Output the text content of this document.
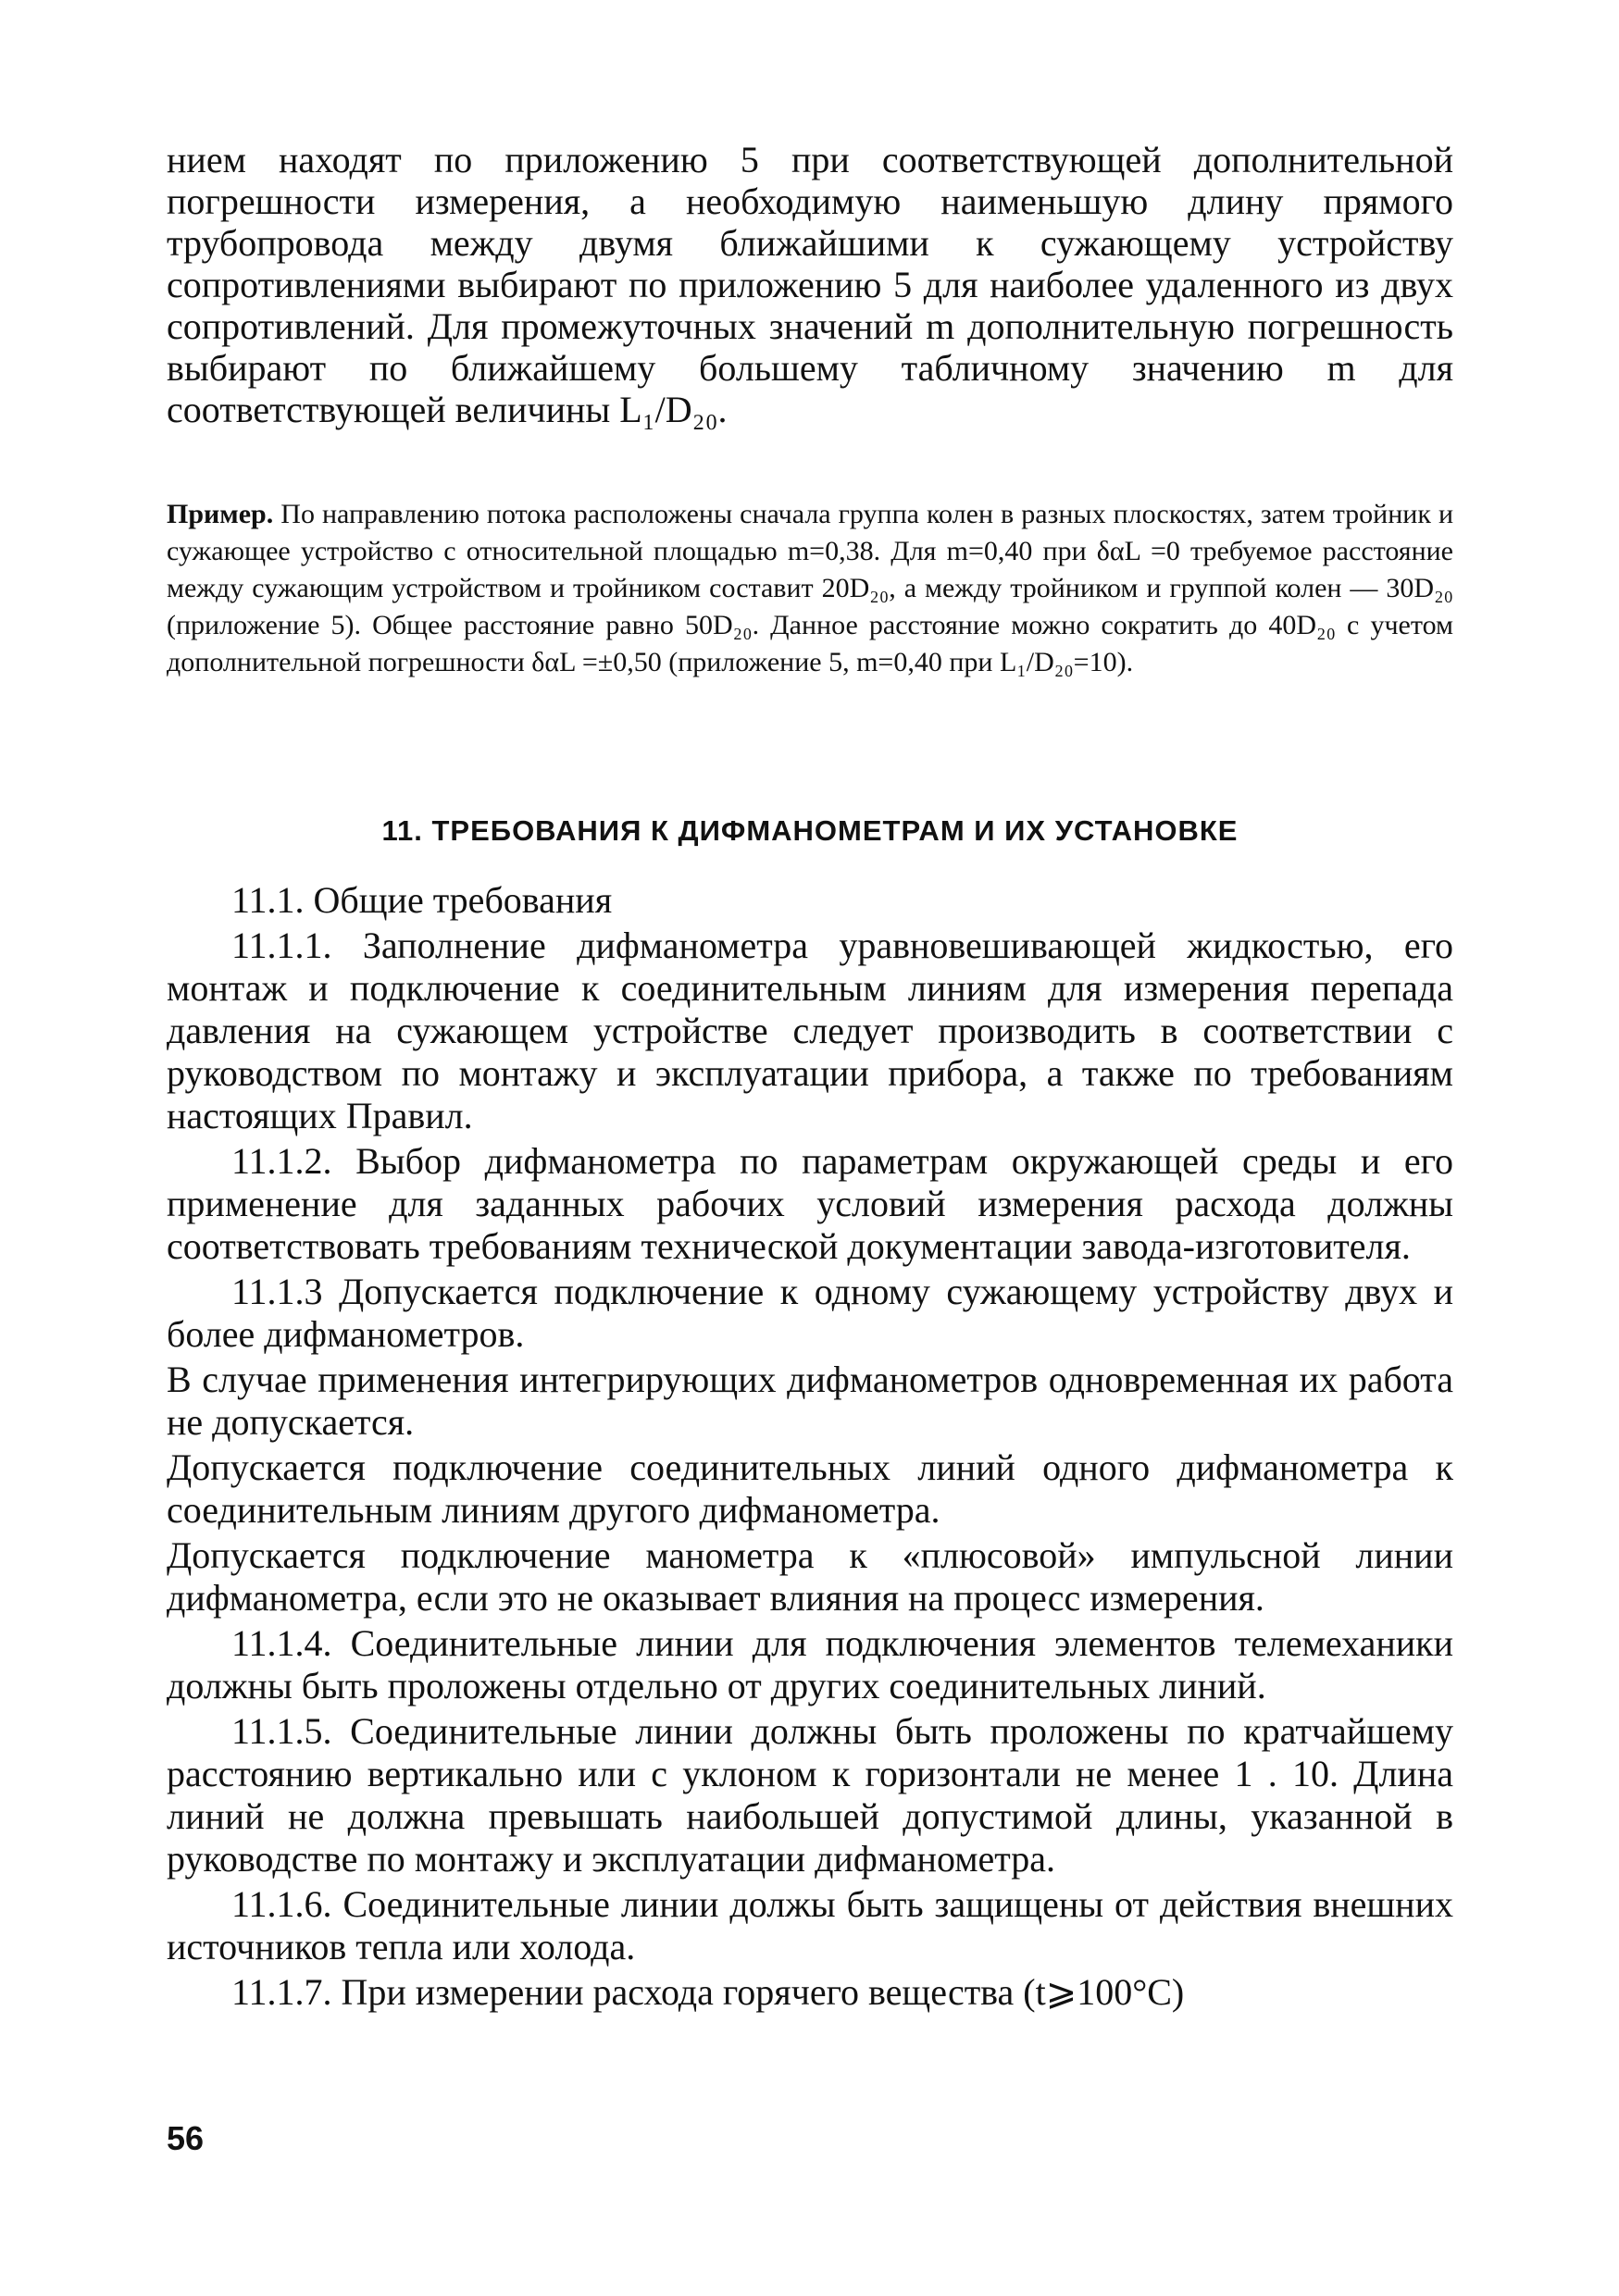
нием находят по приложению 5 при соответствующей дополнительной погрешности измерения, а необходимую наименьшую длину прямого трубопровода между двумя ближайшими к сужающему устройству сопротивлениями выбирают по приложению 5 для наиболее удаленного из двух сопротивлений. Для промежуточных значений m дополнительную погрешность выбирают по ближайшему большему табличному значению m для соответствующей величины L₁/D₂₀.

Пример. По направлению потока расположены сначала группа колен в разных плоскостях, затем тройник и сужающее устройство с относительной площадью m=0,38. Для m=0,40 при δαL =0 требуемое расстояние между сужающим устройством и тройником составит 20D₂₀, а между тройником и группой колен — 30D₂₀ (приложение 5). Общее расстояние равно 50D₂₀. Данное расстояние можно сократить до 40D₂₀ с учетом дополнительной погрешности δαL =±0,50 (приложение 5, m=0,40 при L₁/D₂₀=10).

11. ТРЕБОВАНИЯ К ДИФМАНОМЕТРАМ И ИХ УСТАНОВКЕ

11.1. Общие требования

11.1.1. Заполнение дифманометра уравновешивающей жидкостью, его монтаж и подключение к соединительным линиям для измерения перепада давления на сужающем устройстве следует производить в соответствии с руководством по монтажу и эксплуатации прибора, а также по требованиям настоящих Правил.

11.1.2. Выбор дифманометра по параметрам окружающей среды и его применение для заданных рабочих условий измерения расхода должны соответствовать требованиям технической документации завода-изготовителя.

11.1.3 Допускается подключение к одному сужающему устройству двух и более дифманометров.

В случае применения интегрирующих дифманометров одновременная их работа не допускается.

Допускается подключение соединительных линий одного дифманометра к соединительным линиям другого дифманометра.

Допускается подключение манометра к «плюсовой» импульсной линии дифманометра, если это не оказывает влияния на процесс измерения.

11.1.4. Соединительные линии для подключения элементов телемеханики должны быть проложены отдельно от других соединительных линий.

11.1.5. Соединительные линии должны быть проложены по кратчайшему расстоянию вертикально или с уклоном к горизонтали не менее 1 . 10. Длина линий не должна превышать наибольшей допустимой длины, указанной в руководстве по монтажу и эксплуатации дифманометра.

11.1.6. Соединительные линии должы быть защищены от действия внешних источников тепла или холода.

11.1.7. При измерении расхода горячего вещества (t⩾100°C)

56
